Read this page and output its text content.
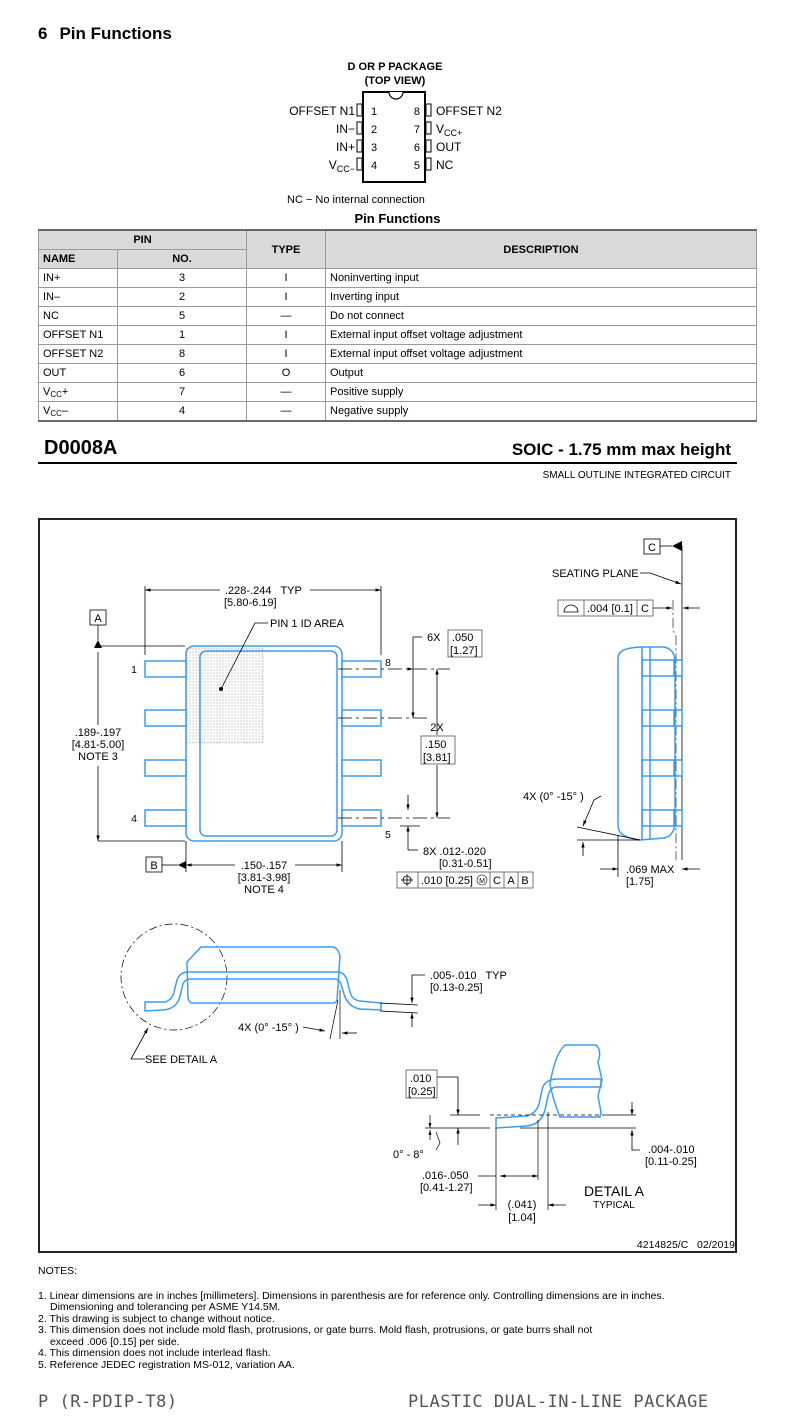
6 Pin Functions
D OR P PACKAGE
(TOP VIEW)
1
2
3
4
OFFSET N1
IN−
IN+
$V_{CC-}$
8
7
6
5
OFFSET N2
$V_{CC+}$
OUT
NC
NC − No internal connection
Pin Functions
PIN		TYPE	DESCRIPTION
NAME	NO.		
IN+	3	I	Noninverting input
IN–	2	I	Inverting input
NC	5	—	Do not connect
OFFSET N1	1	I	External input offset voltage adjustment
OFFSET N2	8	I	External input offset voltage adjustment
OUT	6	O	Output
$V_{CC}+$	7	—	Positive supply
$V_{CC}-$	4	—	Negative supply
D0008A	SOIC - 1.75 mm max height
SMALL OUTLINE INTEGRATED CIRCUIT
1
4
8
5
.228-.244   TYP
[5.80-6.19]
PIN 1 ID AREA
A
.189-.197
[4.81-5.00]
NOTE 3
B	.150-.157
[3.81-3.98]
NOTE 4
6X .050
[1.27]
2X
.150
[3.81]
8X .012-.020
[0.31-0.51]
.010 [0.25] M C A B
C
SEATING PLANE
.004 [0.1] C
4X (0° -15° )
.069 MAX
[1.75]
.005-.010   TYP
[0.13-0.25]
4X (0° -15° )
SEE DETAIL A
.010
[0.25]
0° - 8°	.004-.010
[0.11-0.25]
.016-.050
[0.41-1.27]
(.041)
[1.04]
DETAIL A
TYPICAL
4214825/C   02/2019
NOTES:
1. Linear dimensions are in inches [millimeters]. Dimensions in parenthesis are for reference only. Controlling dimensions are in inches.
Dimensioning and tolerancing per ASME Y14.5M.
2. This drawing is subject to change without notice.
3. This dimension does not include mold flash, protrusions, or gate burrs. Mold flash, protrusions, or gate burrs shall not
exceed .006 [0.15] per side.
4. This dimension does not include interlead flash.
5. Reference JEDEC registration MS-012, variation AA.
P (R-PDIP-T8)	PLASTIC DUAL-IN-LINE PACKAGE
